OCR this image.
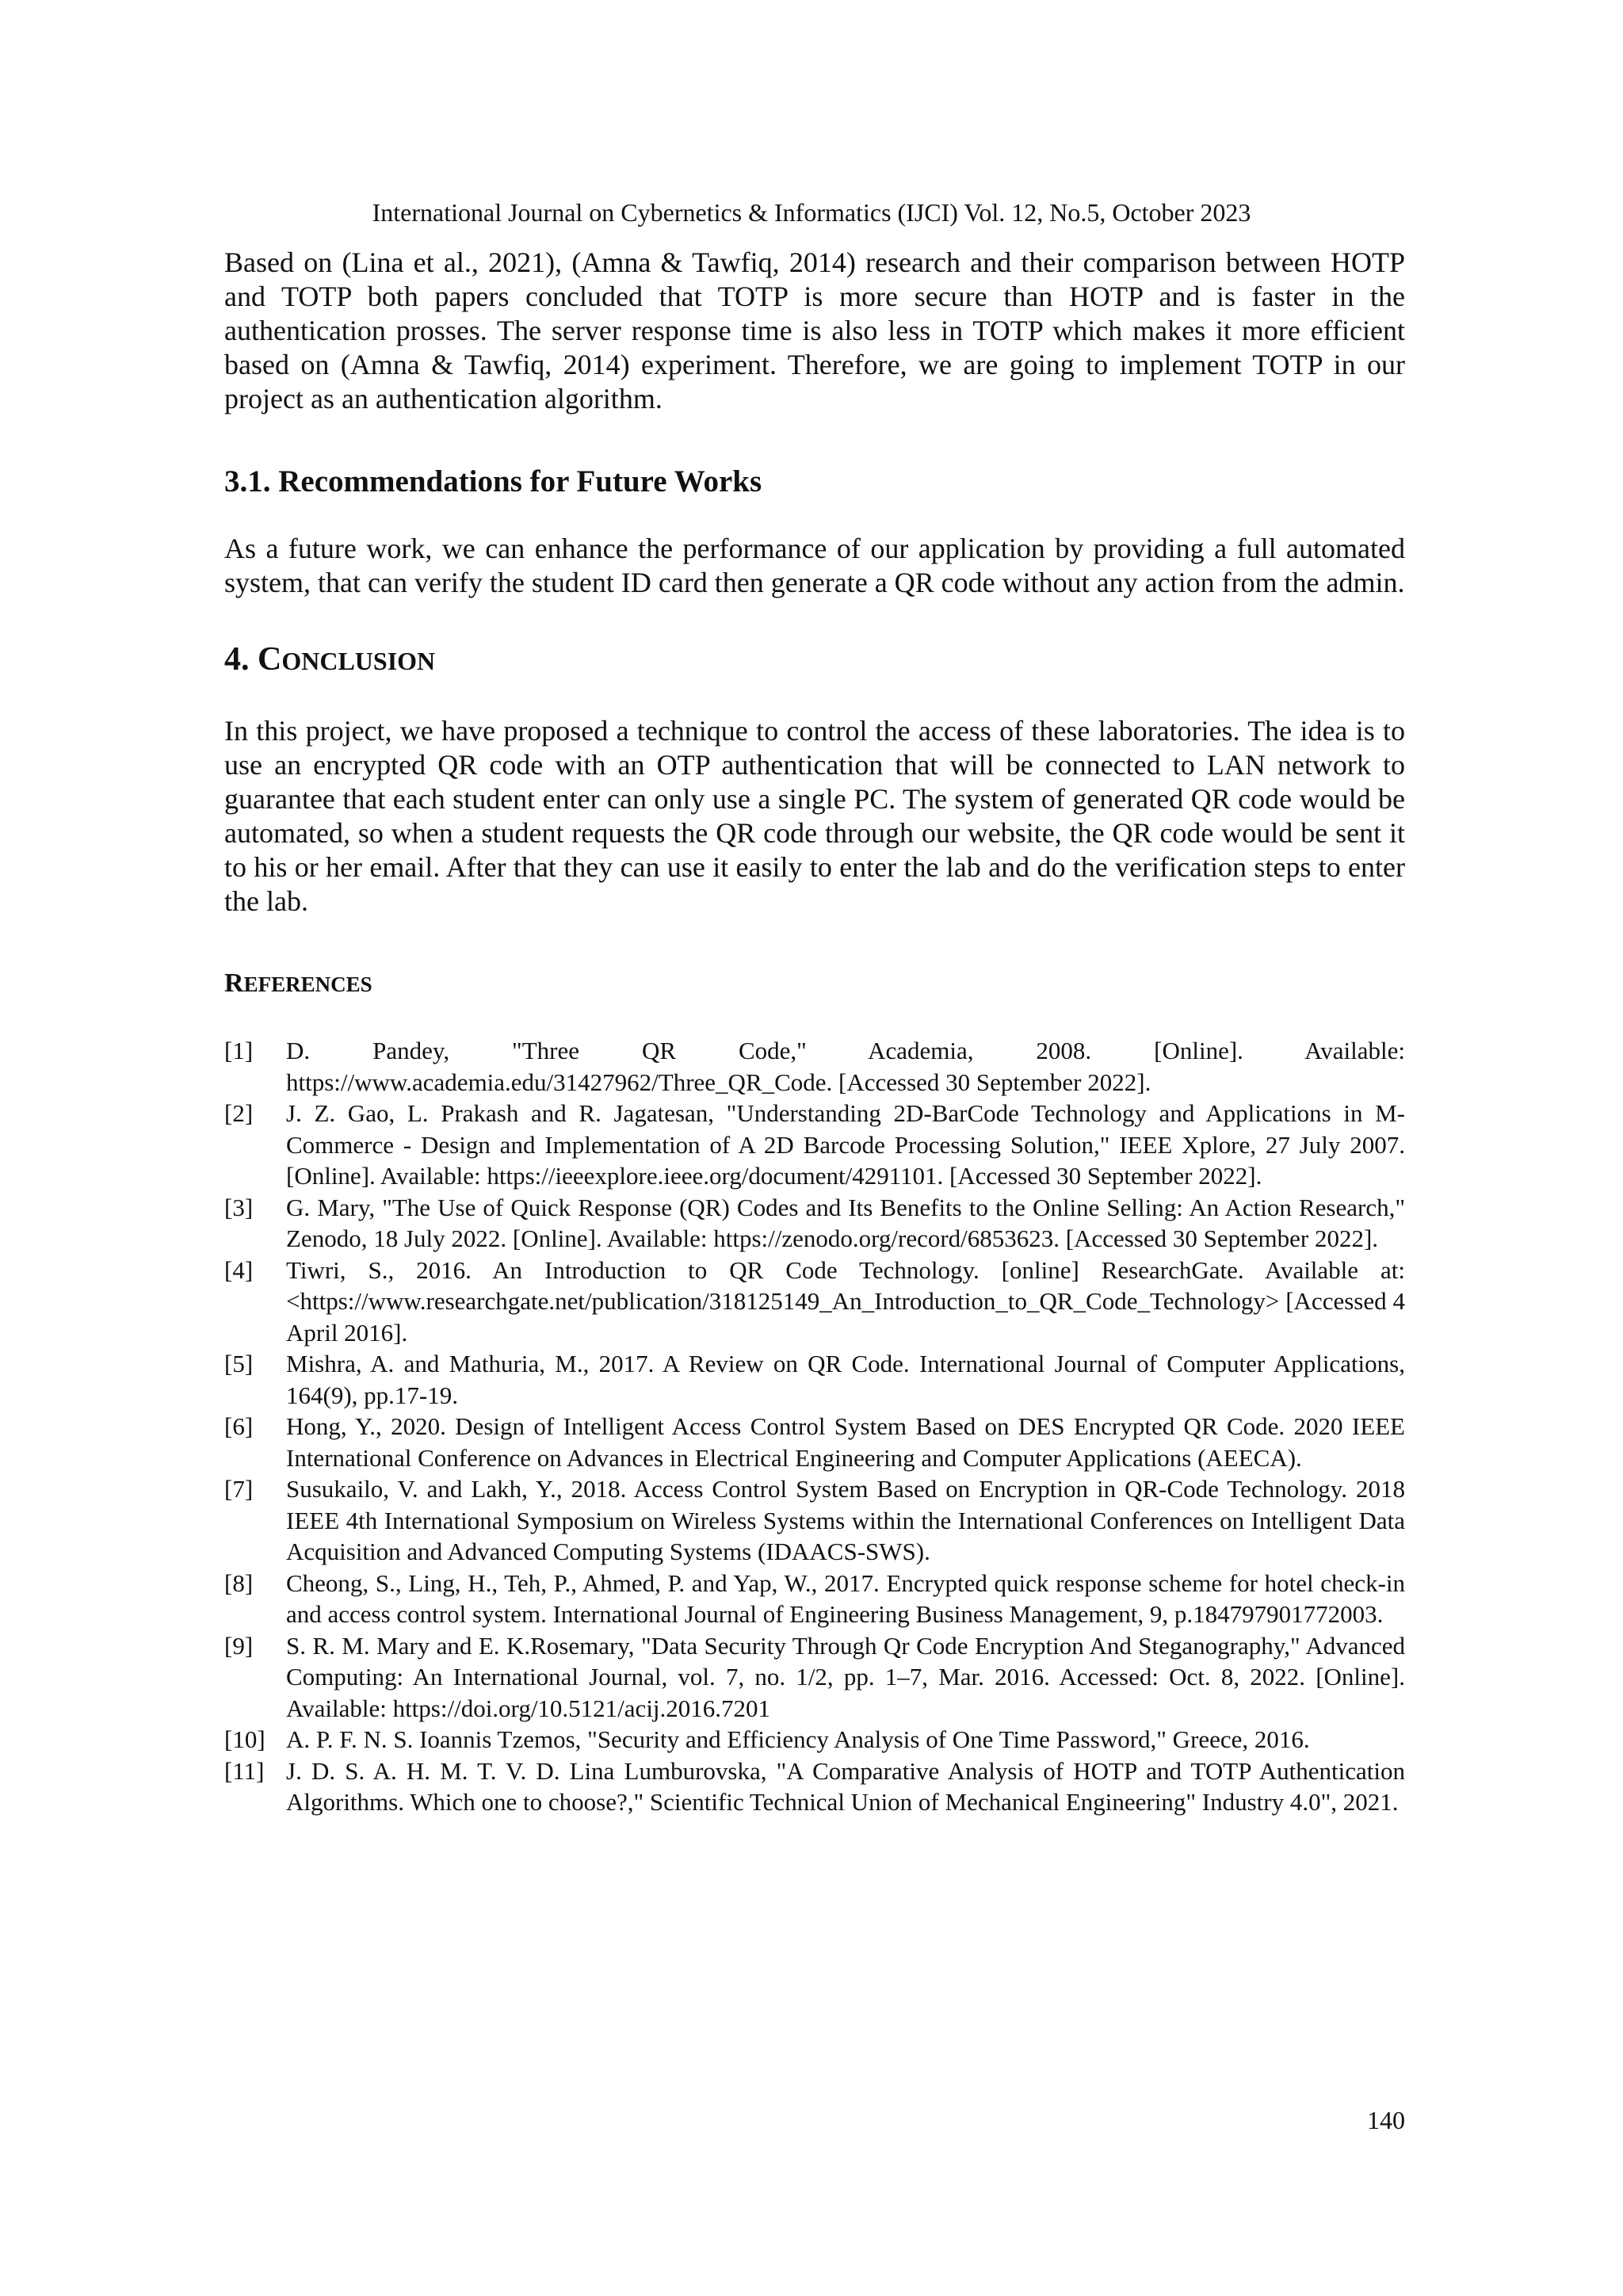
International Journal on Cybernetics & Informatics (IJCI) Vol. 12, No.5, October 2023

Based on (Lina et al., 2021), (Amna & Tawfiq, 2014) research and their comparison between HOTP and TOTP both papers concluded that TOTP is more secure than HOTP and is faster in the authentication prosses. The server response time is also less in TOTP which makes it more efficient based on (Amna & Tawfiq, 2014) experiment. Therefore, we are going to implement TOTP in our project as an authentication algorithm.

3.1. Recommendations for Future Works

As a future work, we can enhance the performance of our application by providing a full automated system, that can verify the student ID card then generate a QR code without any action from the admin.

4. CONCLUSION

In this project, we have proposed a technique to control the access of these laboratories. The idea is to use an encrypted QR code with an OTP authentication that will be connected to LAN network to guarantee that each student enter can only use a single PC. The system of generated QR code would be automated, so when a student requests the QR code through our website, the QR code would be sent it to his or her email. After that they can use it easily to enter the lab and do the verification steps to enter the lab.

REFERENCES
[1]	D. Pandey, "Three QR Code," Academia, 2008. [Online]. Available: https://www.academia.edu/31427962/Three_QR_Code. [Accessed 30 September 2022].
[2]	J. Z. Gao, L. Prakash and R. Jagatesan, "Understanding 2D-BarCode Technology and Applications in M-Commerce - Design and Implementation of A 2D Barcode Processing Solution," IEEE Xplore, 27 July 2007. [Online]. Available: https://ieeexplore.ieee.org/document/4291101. [Accessed 30 September 2022].
[3]	G. Mary, "The Use of Quick Response (QR) Codes and Its Benefits to the Online Selling: An Action Research," Zenodo, 18 July 2022. [Online]. Available: https://zenodo.org/record/6853623. [Accessed 30 September 2022].
[4]	Tiwri, S., 2016. An Introduction to QR Code Technology. [online] ResearchGate. Available at: <https://www.researchgate.net/publication/318125149_An_Introduction_to_QR_Code_Technology> [Accessed 4 April 2016].
[5]	Mishra, A. and Mathuria, M., 2017. A Review on QR Code. International Journal of Computer Applications, 164(9), pp.17-19.
[6]	Hong, Y., 2020. Design of Intelligent Access Control System Based on DES Encrypted QR Code. 2020 IEEE International Conference on Advances in Electrical Engineering and Computer Applications (AEECA).
[7]	Susukailo, V. and Lakh, Y., 2018. Access Control System Based on Encryption in QR-Code Technology. 2018 IEEE 4th International Symposium on Wireless Systems within the International Conferences on Intelligent Data Acquisition and Advanced Computing Systems (IDAACS-SWS).
[8]	Cheong, S., Ling, H., Teh, P., Ahmed, P. and Yap, W., 2017. Encrypted quick response scheme for hotel check-in and access control system. International Journal of Engineering Business Management, 9, p.184797901772003.
[9]	S. R. M. Mary and E. K.Rosemary, "Data Security Through Qr Code Encryption And Steganography," Advanced Computing: An International Journal, vol. 7, no. 1/2, pp. 1–7, Mar. 2016. Accessed: Oct. 8, 2022. [Online]. Available: https://doi.org/10.5121/acij.2016.7201
[10] A. P. F. N. S. Ioannis Tzemos, "Security and Efficiency Analysis of One Time Password," Greece, 2016.
[11] J. D. S. A. H. M. T. V. D. Lina Lumburovska, "A Comparative Analysis of HOTP and TOTP Authentication Algorithms. Which one to choose?," Scientific Technical Union of Mechanical Engineering" Industry 4.0", 2021.
140
